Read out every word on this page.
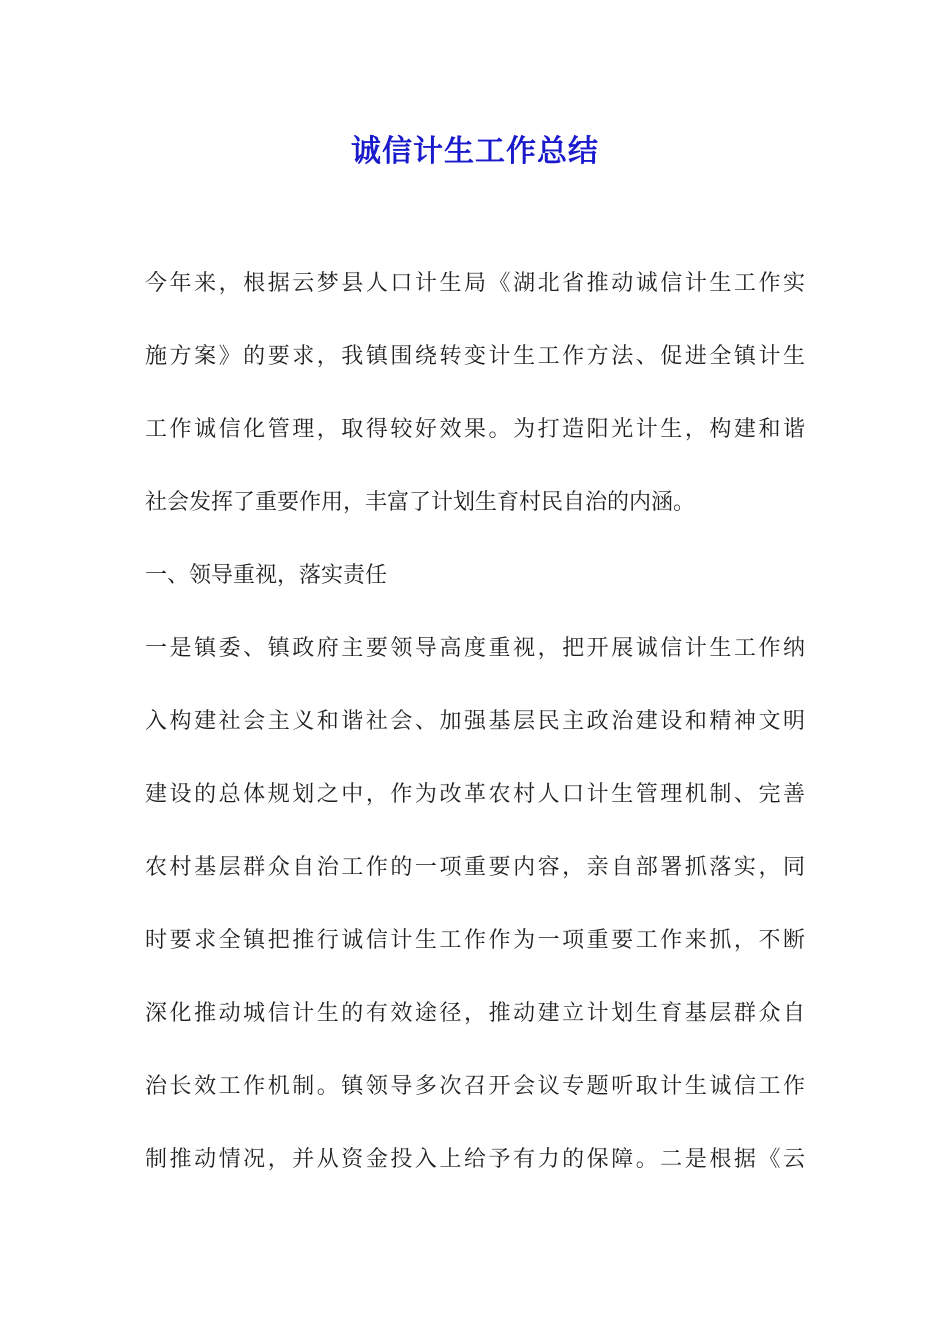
诚信计生工作总结
今年来，根据云梦县人口计生局《湖北省推动诚信计生工作实
施方案》的要求，我镇围绕转变计生工作方法、促进全镇计生
工作诚信化管理，取得较好效果。为打造阳光计生，构建和谐
社会发挥了重要作用，丰富了计划生育村民自治的内涵。
一、领导重视，落实责任
一是镇委、镇政府主要领导高度重视，把开展诚信计生工作纳
入构建社会主义和谐社会、加强基层民主政治建设和精神文明
建设的总体规划之中，作为改革农村人口计生管理机制、完善
农村基层群众自治工作的一项重要内容，亲自部署抓落实，同
时要求全镇把推行诚信计生工作作为一项重要工作来抓，不断
深化推动城信计生的有效途径，推动建立计划生育基层群众自
治长效工作机制。镇领导多次召开会议专题听取计生诚信工作
制推动情况，并从资金投入上给予有力的保障。二是根据《云
